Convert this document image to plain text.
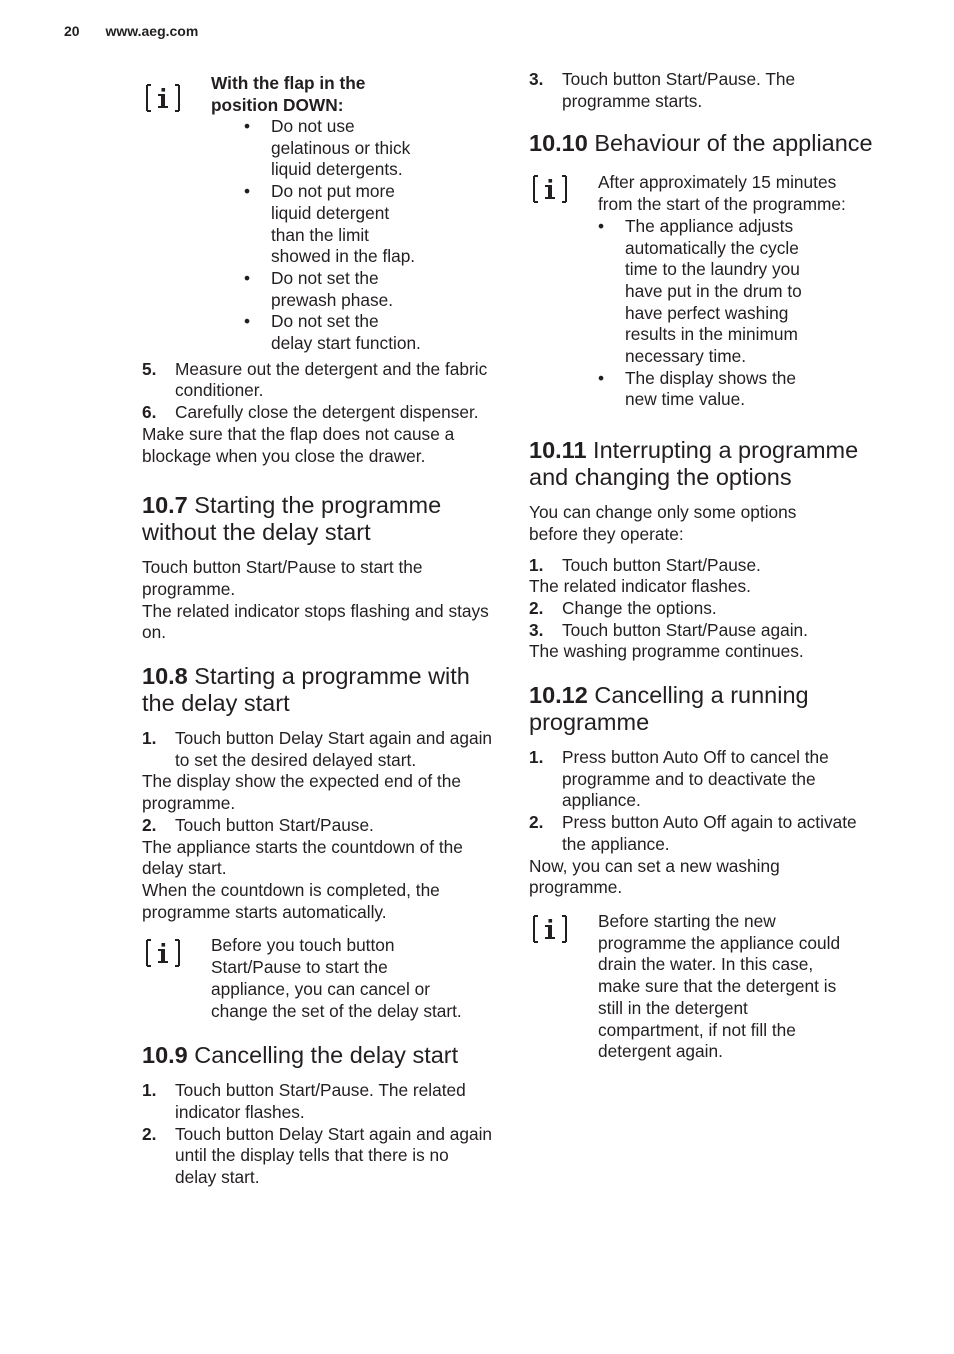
20 www.aeg.com

With the flap in the position DOWN:

• Do not use gelatinous or thick liquid detergents.
• Do not put more liquid detergent than the limit showed in the flap.
• Do not set the prewash phase.
• Do not set the delay start function.
5. Measure out the detergent and the fabric conditioner.
6. Carefully close the detergent dispenser.

Make sure that the flap does not cause a blockage when you close the drawer.

10.7 Starting the programme without the delay start

Touch button Start/Pause to start the programme.

The related indicator stops flashing and stays on.

10.8 Starting a programme with the delay start
1. Touch button Delay Start again and again to set the desired delayed start.

The display show the expected end of the programme.

2. Touch button Start/Pause.

The appliance starts the countdown of the delay start.

When the countdown is completed, the programme starts automatically.

Before you touch button Start/Pause to start the appliance, you can cancel or change the set of the delay start.

10.9 Cancelling the delay start
1. Touch button Start/Pause. The related indicator flashes.
2. Touch button Delay Start again and again until the display tells that there is no delay start.
3. Touch button Start/Pause. The programme starts.
10.10 Behaviour of the appliance

After approximately 15 minutes from the start of the programme:

• The appliance adjusts automatically the cycle time to the laundry you have put in the drum to have perfect washing results in the minimum necessary time.
• The display shows the new time value.
10.11 Interrupting a programme and changing the options

You can change only some options before they operate:

1. Touch button Start/Pause.

The related indicator flashes.

2. Change the options.
3. Touch button Start/Pause again.

The washing programme continues.

10.12 Cancelling a running programme
1. Press button Auto Off to cancel the programme and to deactivate the appliance.
2. Press button Auto Off again to activate the appliance.

Now, you can set a new washing programme.

Before starting the new programme the appliance could drain the water. In this case, make sure that the detergent is still in the detergent compartment, if not fill the detergent again.
